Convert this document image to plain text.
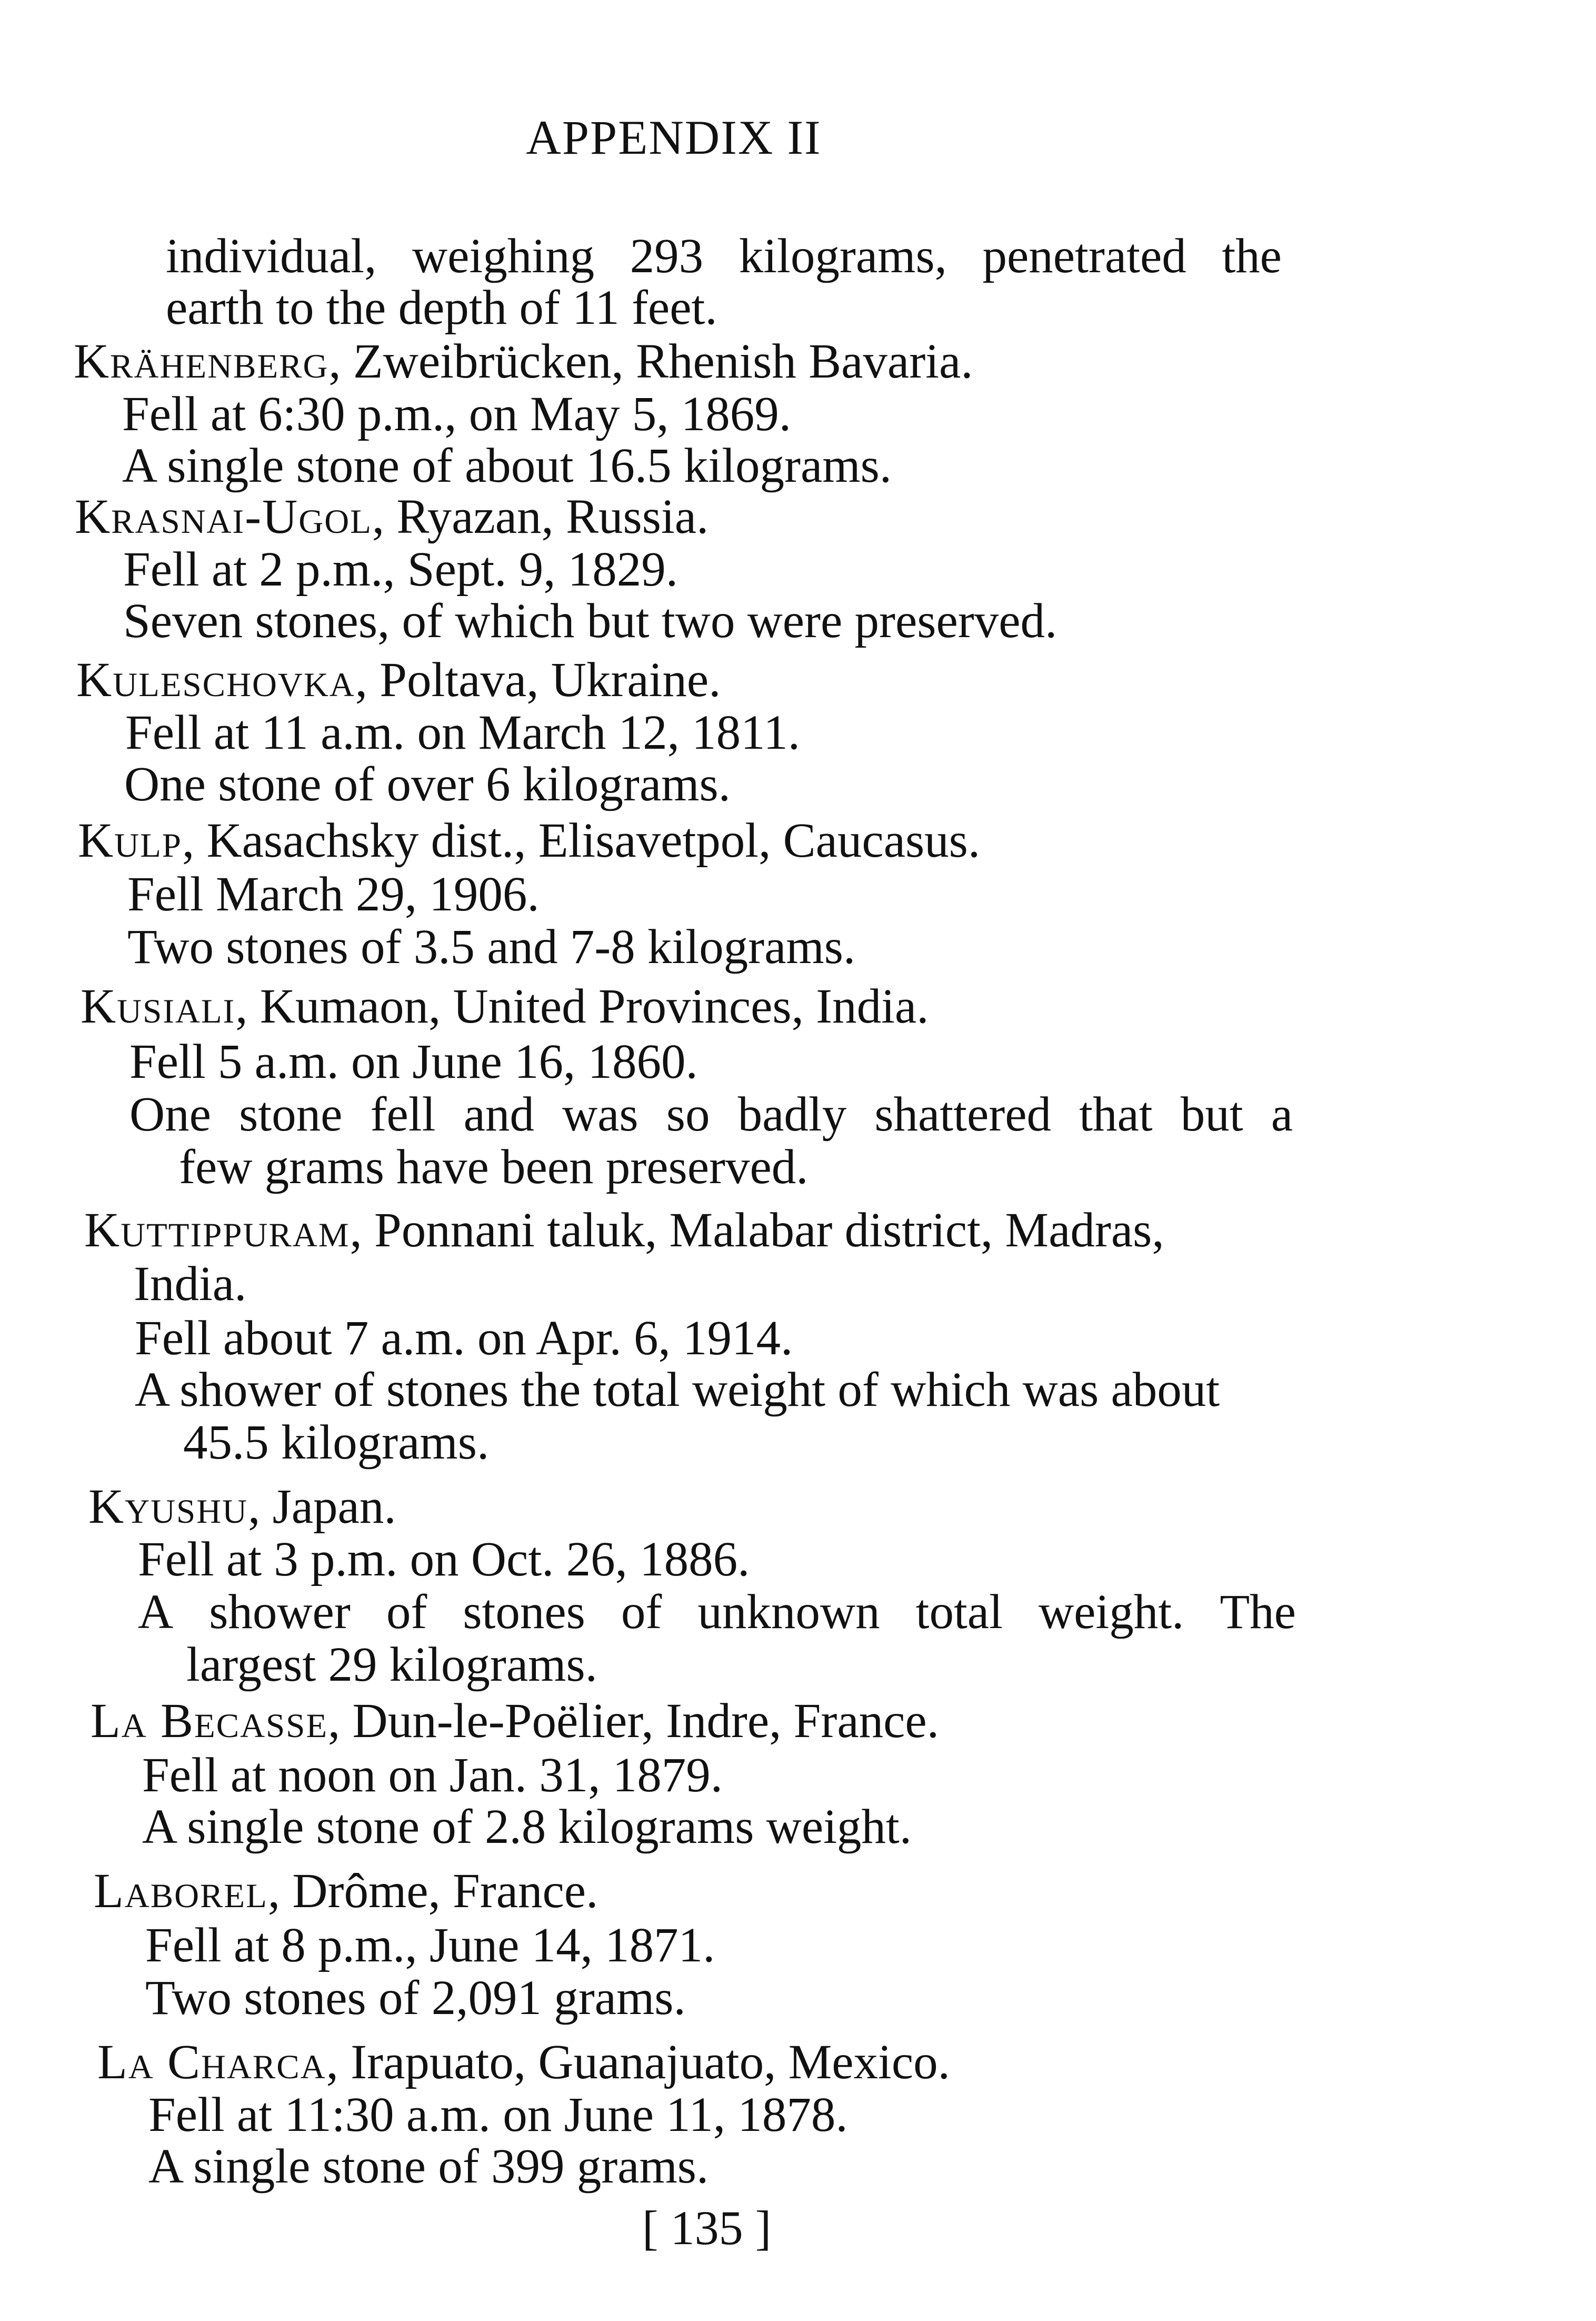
APPENDIX II
individual, weighing 293 kilograms, penetrated the
earth to the depth of 11 feet.
Krähenberg, Zweibrücken, Rhenish Bavaria.
Fell at 6:30 p.m., on May 5, 1869.
A single stone of about 16.5 kilograms.
Krasnai-Ugol, Ryazan, Russia.
Fell at 2 p.m., Sept. 9, 1829.
Seven stones, of which but two were preserved.
Kuleschovka, Poltava, Ukraine.
Fell at 11 a.m. on March 12, 1811.
One stone of over 6 kilograms.
Kulp, Kasachsky dist., Elisavetpol, Caucasus.
Fell March 29, 1906.
Two stones of 3.5 and 7-8 kilograms.
Kusiali, Kumaon, United Provinces, India.
Fell 5 a.m. on June 16, 1860.
One stone fell and was so badly shattered that but a
few grams have been preserved.
Kuttippuram, Ponnani taluk, Malabar district, Madras,
India.
Fell about 7 a.m. on Apr. 6, 1914.
A shower of stones the total weight of which was about
45.5 kilograms.
Kyushu, Japan.
Fell at 3 p.m. on Oct. 26, 1886.
A shower of stones of unknown total weight. The
largest 29 kilograms.
La Becasse, Dun-le-Poëlier, Indre, France.
Fell at noon on Jan. 31, 1879.
A single stone of 2.8 kilograms weight.
Laborel, Drôme, France.
Fell at 8 p.m., June 14, 1871.
Two stones of 2,091 grams.
La Charca, Irapuato, Guanajuato, Mexico.
Fell at 11:30 a.m. on June 11, 1878.
A single stone of 399 grams.
[ 135 ]
